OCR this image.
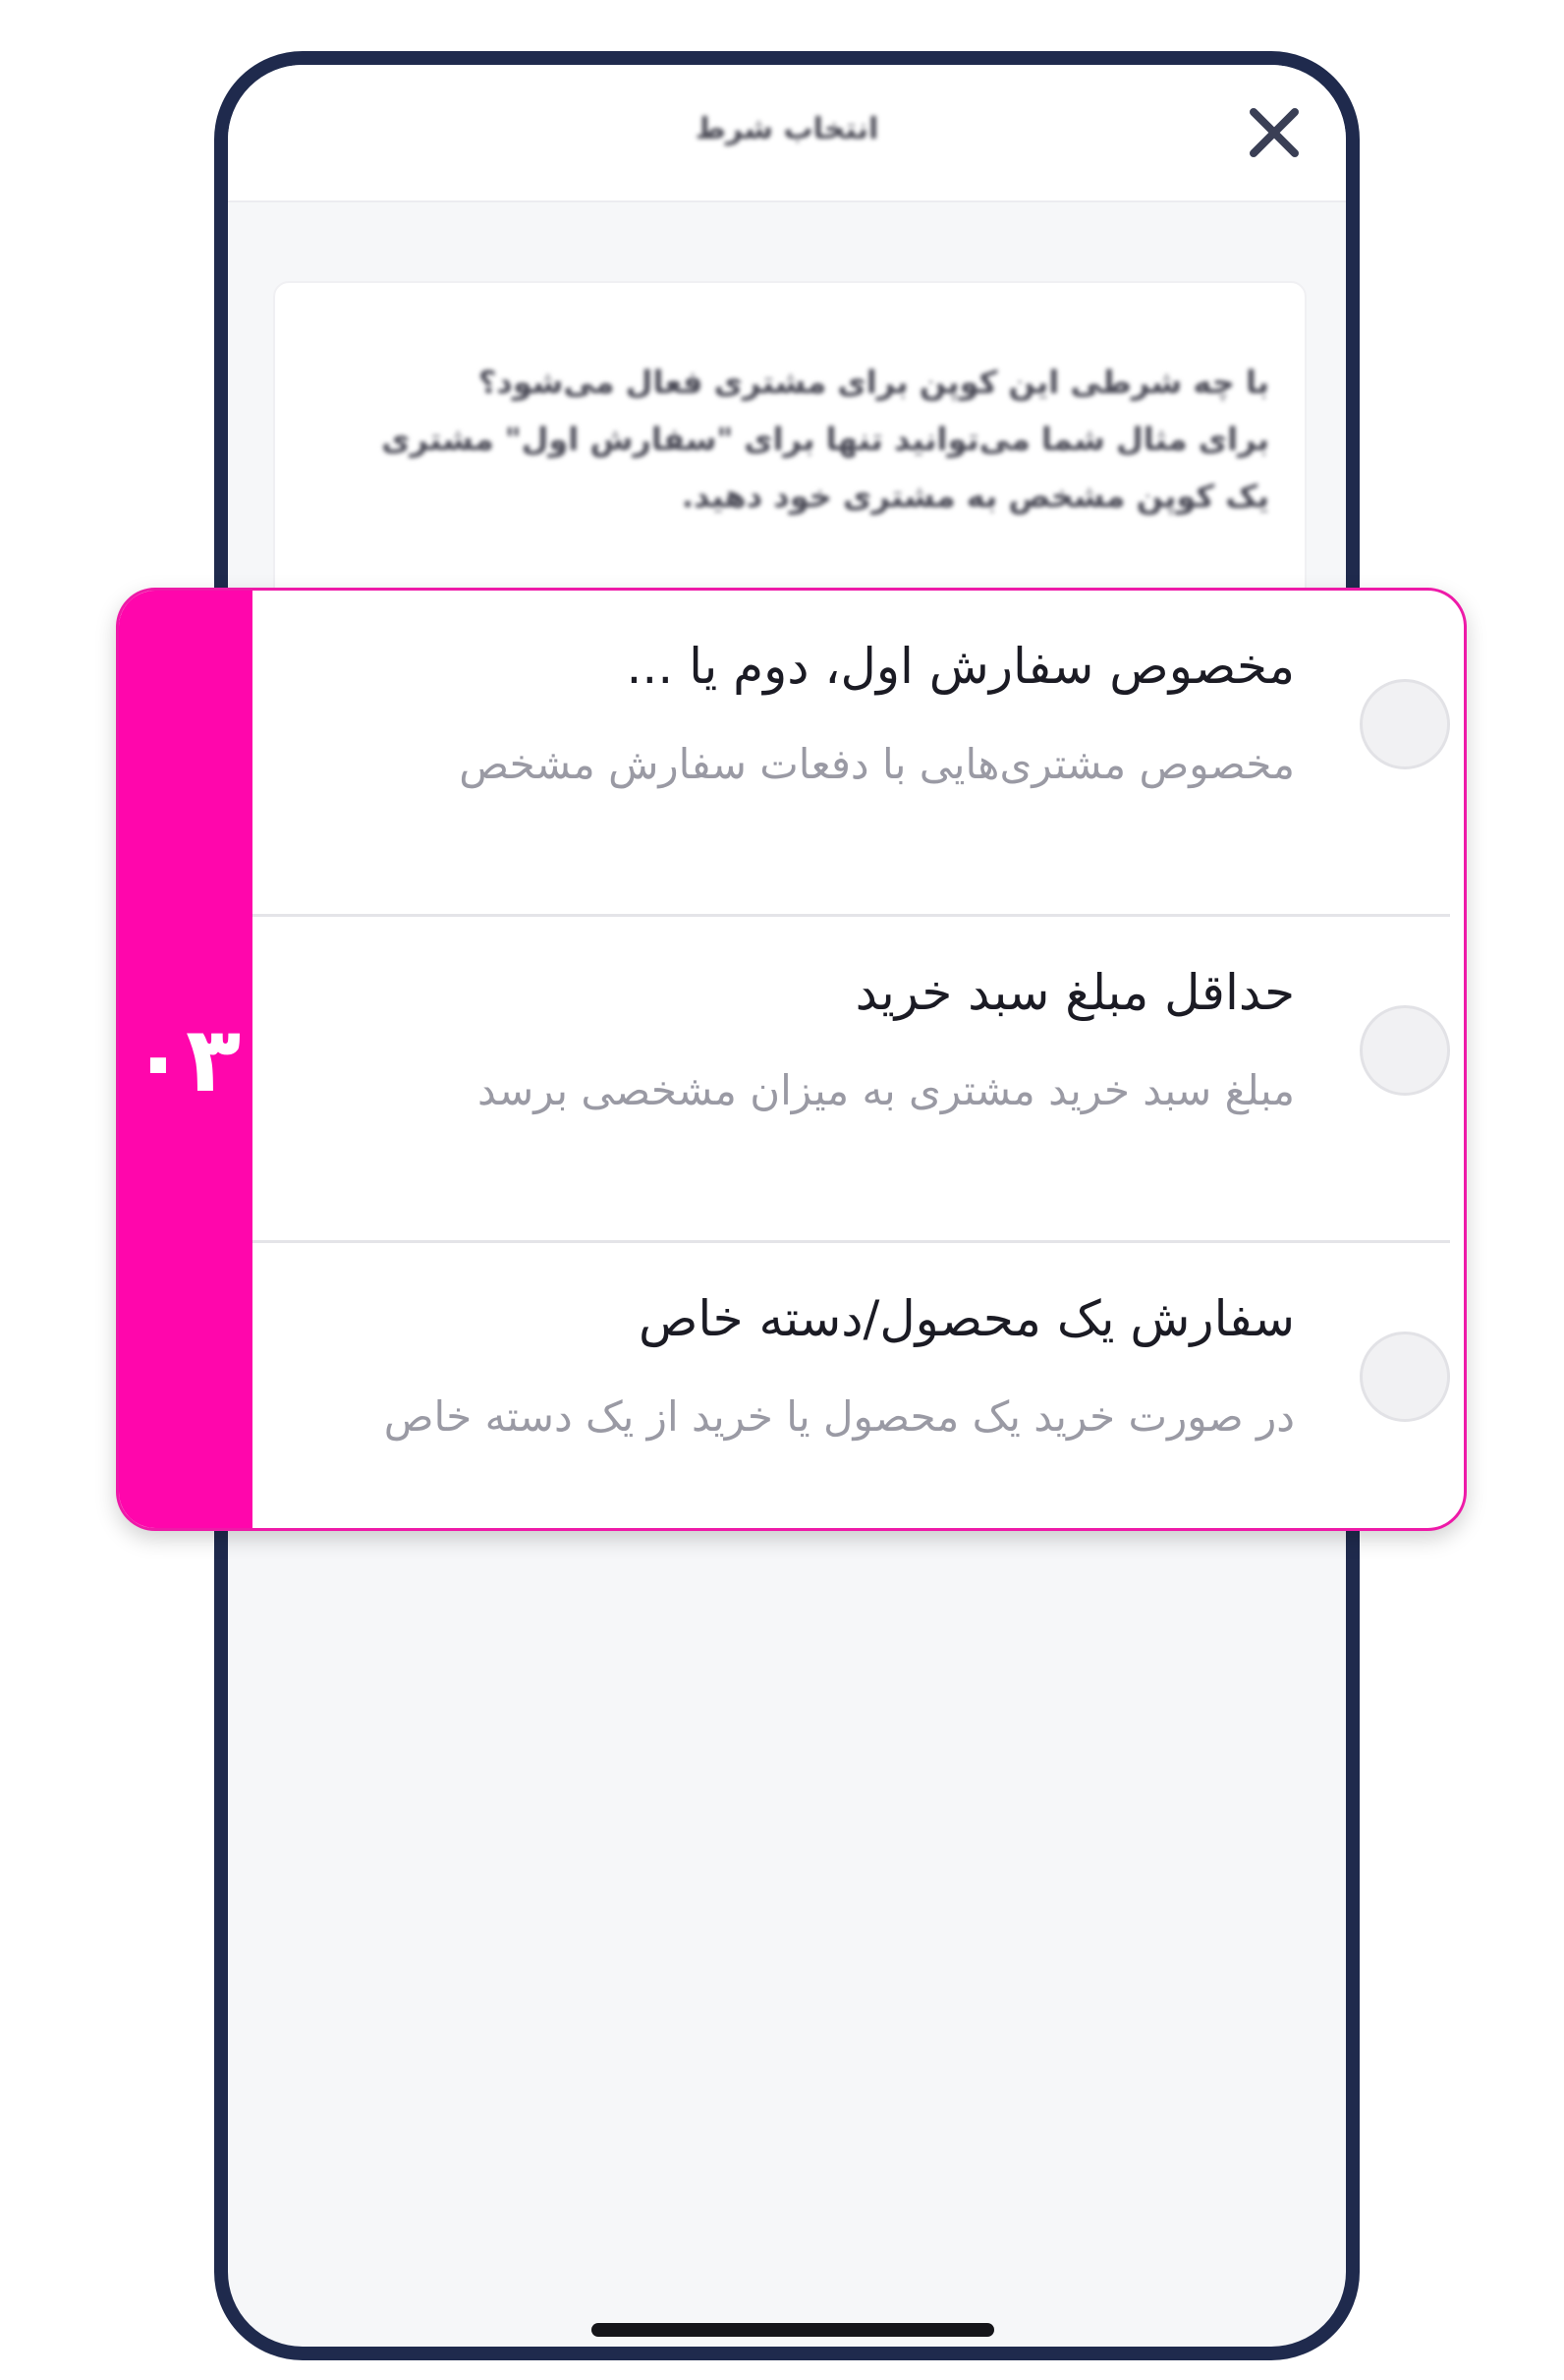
انتخاب شرط
با چه شرطی این کوپن برای مشتری فعال می‌شود؟
برای مثال شما می‌توانید تنها برای "سفارش اول" مشتری
یک کوپن مشخص به مشتری خود دهید.
۰۳
مخصوص سفارش اول، دوم یا ...
مخصوص مشتری‌هایی با دفعات سفارش مشخص
حداقل مبلغ سبد خرید
مبلغ سبد خرید مشتری به میزان مشخصی برسد
سفارش یک محصول/دسته خاص
در صورت خرید یک محصول یا خرید از یک دسته خاص
